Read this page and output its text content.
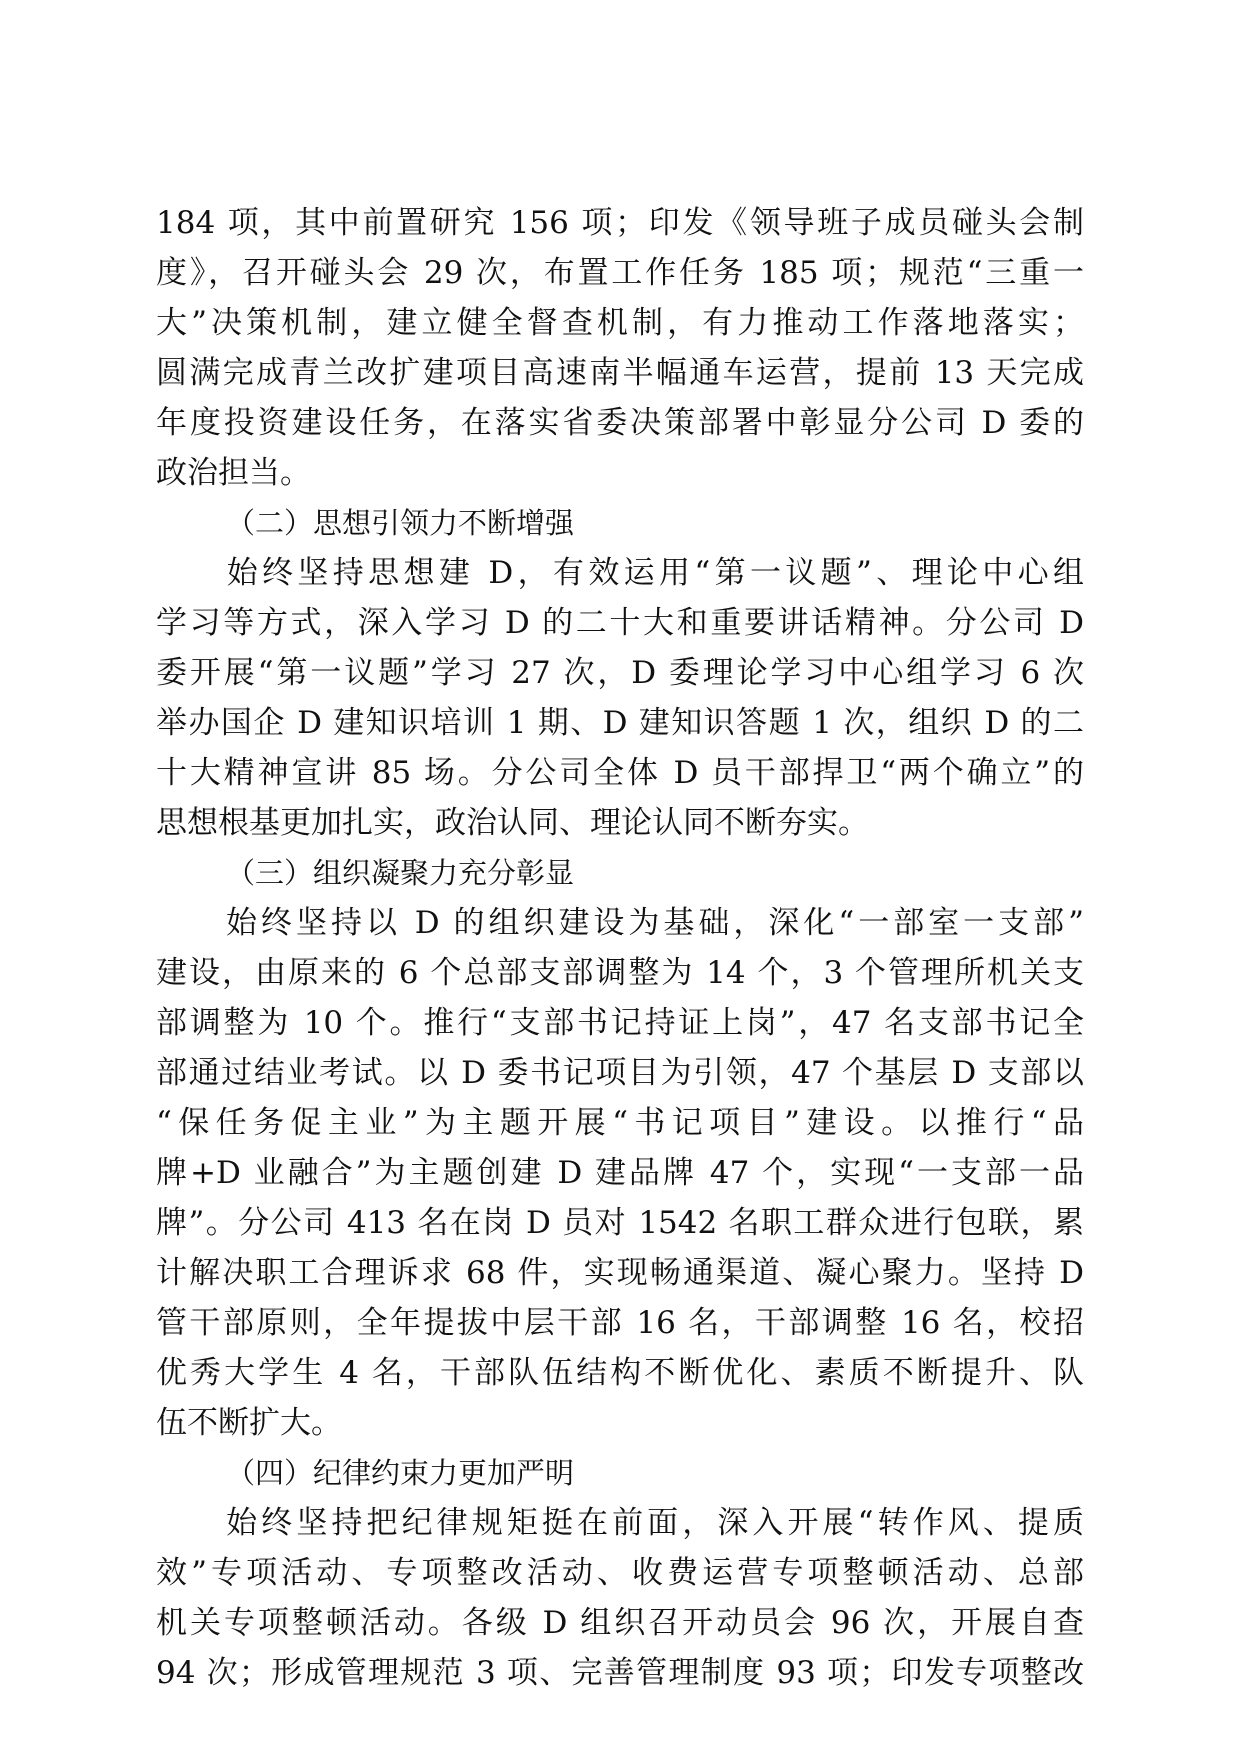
184 项，其中前置研究 156 项；印发《领导班子成员碰头会制
度》，召开碰头会 29 次，布置工作任务 185 项；规范“三重一
大”决策机制，建立健全督查机制，有力推动工作落地落实；
圆满完成青兰改扩建项目高速南半幅通车运营，提前 13 天完成
年度投资建设任务，在落实省委决策部署中彰显分公司 D 委的
政治担当。
（二）思想引领力不断增强
　　始终坚持思想建 D，有效运用“第一议题”、理论中心组
学习等方式，深入学习 D 的二十大和重要讲话精神。分公司 D
委开展“第一议题”学习 27 次，D 委理论学习中心组学习 6 次
举办国企 D 建知识培训 1 期、D 建知识答题 1 次，组织 D 的二
十大精神宣讲 85 场。分公司全体 D 员干部捍卫“两个确立”的
思想根基更加扎实，政治认同、理论认同不断夯实。
（三）组织凝聚力充分彰显
　　始终坚持以 D 的组织建设为基础，深化“一部室一支部”
建设，由原来的 6 个总部支部调整为 14 个，3 个管理所机关支
部调整为 10 个。推行“支部书记持证上岗”，47 名支部书记全
部通过结业考试。以 D 委书记项目为引领，47 个基层 D 支部以
“保任务促主业”为主题开展“书记项目”建设。以推行“品
牌+D 业融合”为主题创建 D 建品牌 47 个，实现“一支部一品
牌”。分公司 413 名在岗 D 员对 1542 名职工群众进行包联，累
计解决职工合理诉求 68 件，实现畅通渠道、凝心聚力。坚持 D
管干部原则，全年提拔中层干部 16 名，干部调整 16 名，校招
优秀大学生 4 名，干部队伍结构不断优化、素质不断提升、队
伍不断扩大。
（四）纪律约束力更加严明
　　始终坚持把纪律规矩挺在前面，深入开展“转作风、提质
效”专项活动、专项整改活动、收费运营专项整顿活动、总部
机关专项整顿活动。各级 D 组织召开动员会 96 次，开展自查
94 次；形成管理规范 3 项、完善管理制度 93 项；印发专项整改
